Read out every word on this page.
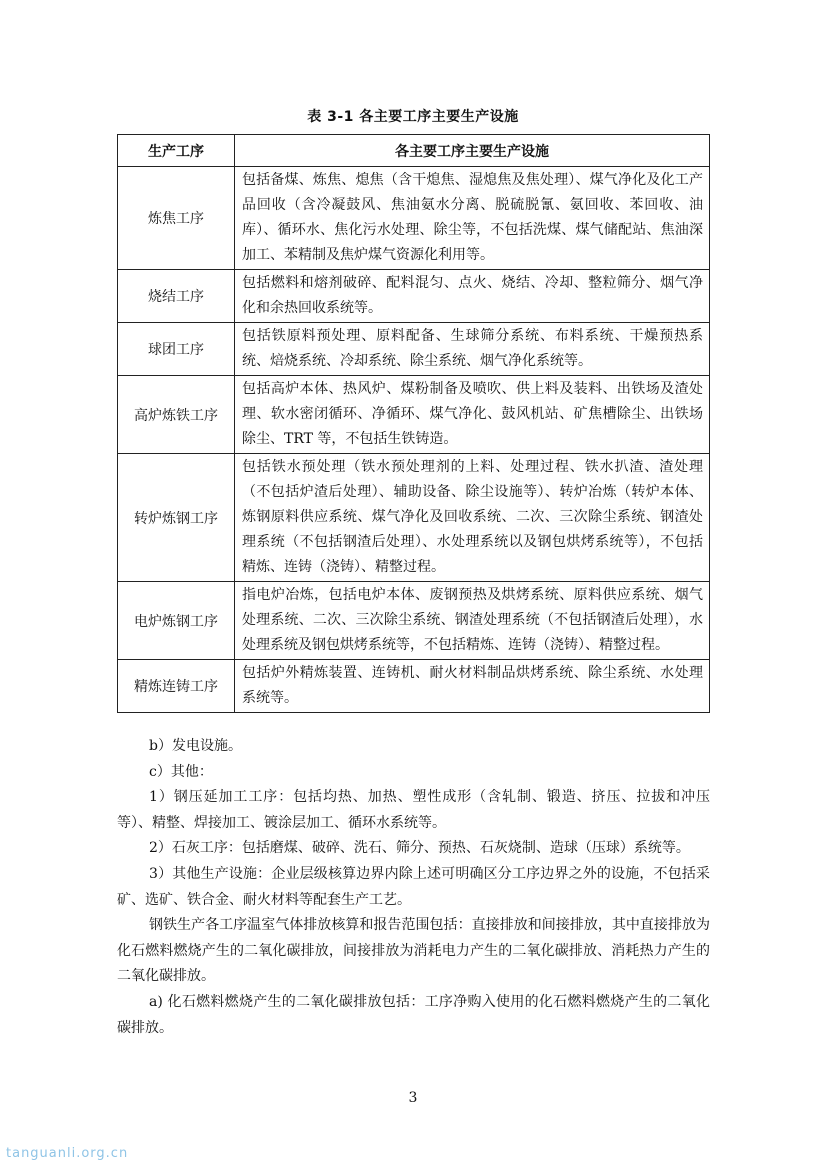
表 3-1 各主要工序主要生产设施
生产工序	各主要工序主要生产设施
炼焦工序	包括备煤、炼焦、熄焦（含干熄焦、湿熄焦及焦处理）、煤气净化及化工产品回收（含冷凝鼓风、焦油氨水分离、脱硫脱氰、氨回收、苯回收、油库）、循环水、焦化污水处理、除尘等，不包括洗煤、煤气储配站、焦油深加工、苯精制及焦炉煤气资源化利用等。
烧结工序	包括燃料和熔剂破碎、配料混匀、点火、烧结、冷却、整粒筛分、烟气净化和余热回收系统等。
球团工序	包括铁原料预处理、原料配备、生球筛分系统、布料系统、干燥预热系统、焙烧系统、冷却系统、除尘系统、烟气净化系统等。
高炉炼铁工序	包括高炉本体、热风炉、煤粉制备及喷吹、供上料及装料、出铁场及渣处理、软水密闭循环、净循环、煤气净化、鼓风机站、矿焦槽除尘、出铁场除尘、TRT 等，不包括生铁铸造。
转炉炼钢工序	包括铁水预处理（铁水预处理剂的上料、处理过程、铁水扒渣、渣处理（不包括炉渣后处理）、辅助设备、除尘设施等）、转炉冶炼（转炉本体、炼钢原料供应系统、煤气净化及回收系统、二次、三次除尘系统、钢渣处理系统（不包括钢渣后处理）、水处理系统以及钢包烘烤系统等），不包括精炼、连铸（浇铸）、精整过程。
电炉炼钢工序	指电炉冶炼，包括电炉本体、废钢预热及烘烤系统、原料供应系统、烟气处理系统、二次、三次除尘系统、钢渣处理系统（不包括钢渣后处理），水处理系统及钢包烘烤系统等，不包括精炼、连铸（浇铸）、精整过程。
精炼连铸工序	包括炉外精炼装置、连铸机、耐火材料制品烘烤系统、除尘系统、水处理系统等。

b）发电设施。

c）其他：

1）钢压延加工工序：包括均热、加热、塑性成形（含轧制、锻造、挤压、拉拔和冲压等）、精整、焊接加工、镀涂层加工、循环水系统等。

2）石灰工序：包括磨煤、破碎、洗石、筛分、预热、石灰烧制、造球（压球）系统等。

3）其他生产设施：企业层级核算边界内除上述可明确区分工序边界之外的设施，不包括采矿、选矿、铁合金、耐火材料等配套生产工艺。

钢铁生产各工序温室气体排放核算和报告范围包括：直接排放和间接排放，其中直接排放为化石燃料燃烧产生的二氧化碳排放，间接排放为消耗电力产生的二氧化碳排放、消耗热力产生的二氧化碳排放。

a) 化石燃料燃烧产生的二氧化碳排放包括：工序净购入使用的化石燃料燃烧产生的二氧化碳排放。

3
tanguanli.org.cn
